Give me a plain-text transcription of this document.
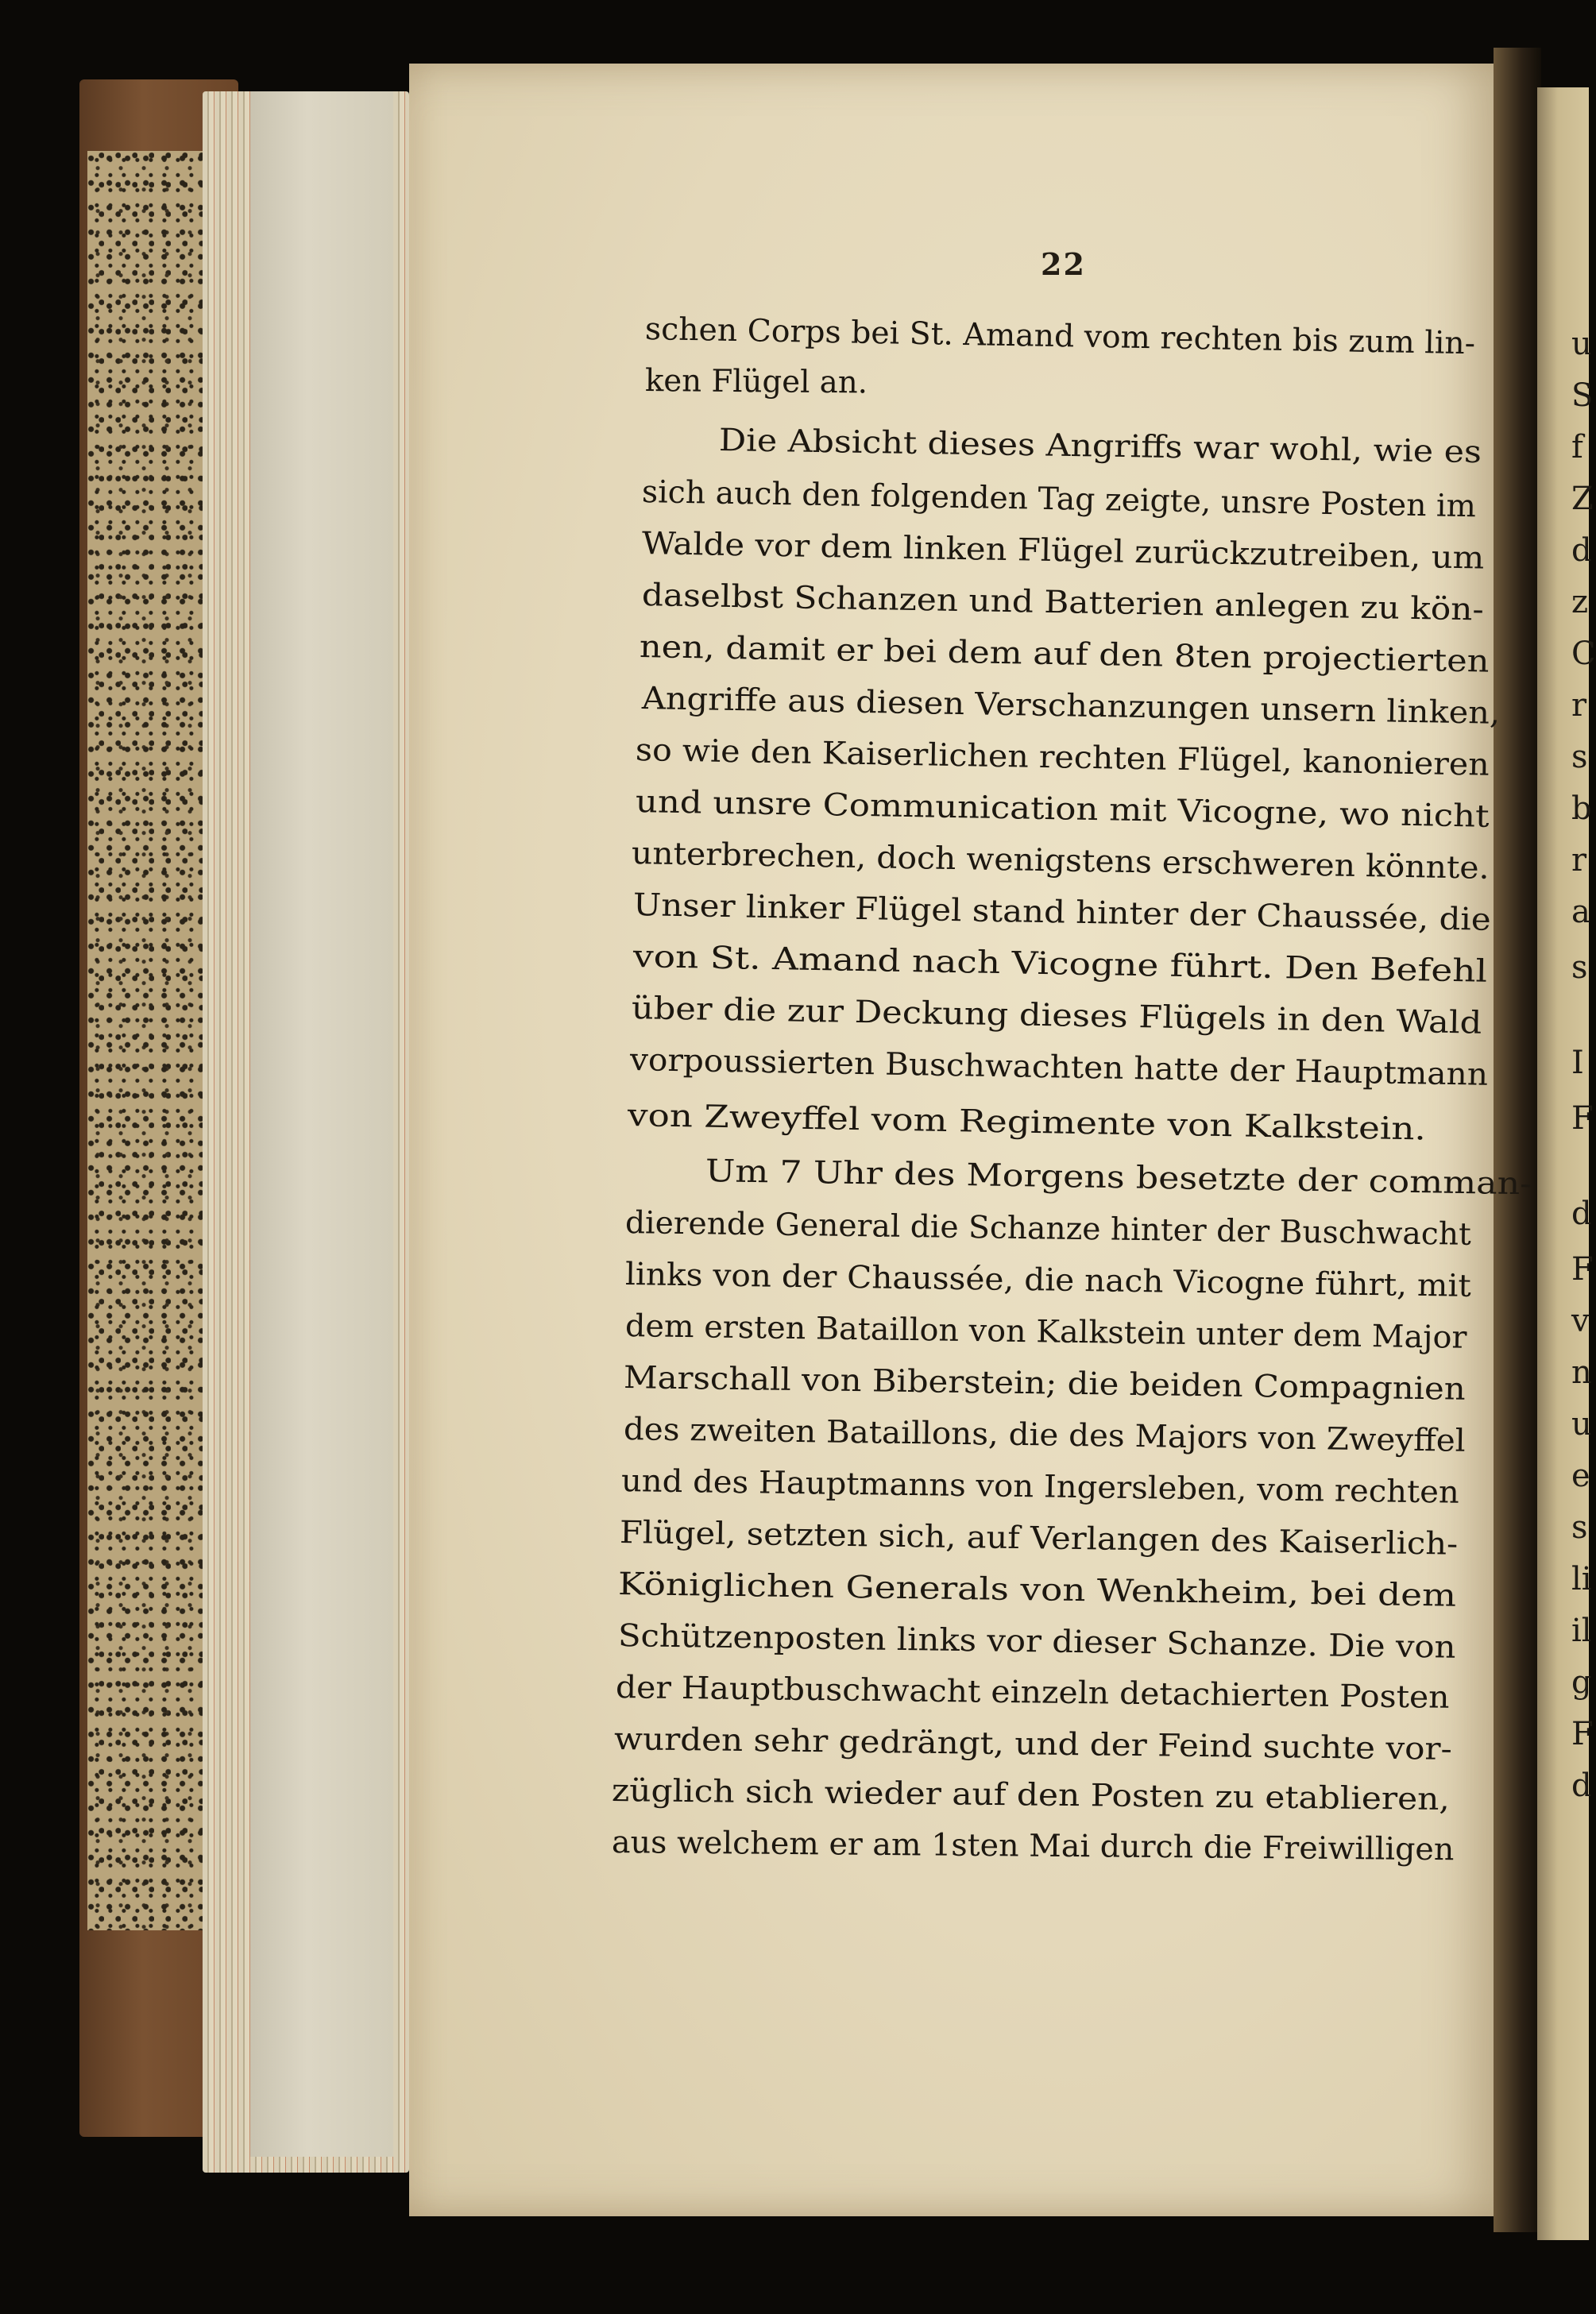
22
schen Corps bei St. Amand vom rechten bis zum lin-
ken Flügel an.
Die Absicht dieses Angriffs war wohl, wie es
sich auch den folgenden Tag zeigte, unsre Posten im
Walde vor dem linken Flügel zurückzutreiben, um
daselbst Schanzen und Batterien anlegen zu kön-
nen, damit er bei dem auf den 8ten projectierten
Angriffe aus diesen Verschanzungen unsern linken,
so wie den Kaiserlichen rechten Flügel, kanonieren
und unsre Communication mit Vicogne, wo nicht
unterbrechen, doch wenigstens erschweren könnte.
Unser linker Flügel stand hinter der Chaussée, die
von St. Amand nach Vicogne führt. Den Befehl
über die zur Deckung dieses Flügels in den Wald
vorpoussierten Buschwachten hatte der Hauptmann
von Zweyffel vom Regimente von Kalkstein.
Um 7 Uhr des Morgens besetzte der comman-
dierende General die Schanze hinter der Buschwacht
links von der Chaussée, die nach Vicogne führt, mit
dem ersten Bataillon von Kalkstein unter dem Major
Marschall von Biberstein; die beiden Compagnien
des zweiten Bataillons, die des Majors von Zweyffel
und des Hauptmanns von Ingersleben, vom rechten
Flügel, setzten sich, auf Verlangen des Kaiserlich-
Königlichen Generals von Wenkheim, bei dem
Schützenposten links vor dieser Schanze. Die von
der Hauptbuschwacht einzeln detachierten Posten
wurden sehr gedrängt, und der Feind suchte vor-
züglich sich wieder auf den Posten zu etablieren,
aus welchem er am 1sten Mai durch die Freiwilligen
u
S
f
Z
d
z
C
r
s
b
r
a
s
I
F
d
F
v
n
u
e
s
li
il
g
F
d
